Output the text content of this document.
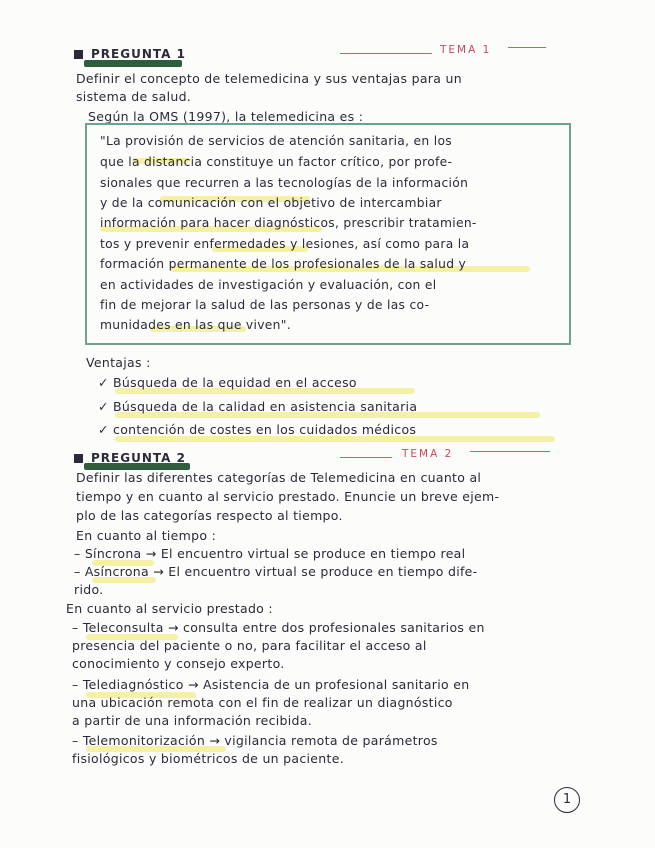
PREGUNTA 1	TEMA 1
Definir el concepto de telemedicina y sus ventajas para un
sistema de salud.
Según la OMS (1997), la telemedicina es :
"La provisión de servicios de atención sanitaria, en los
que la distancia constituye un factor crítico, por profe-
sionales que recurren a las tecnologías de la información
y de la comunicación con el objetivo de intercambiar
información para hacer diagnósticos, prescribir tratamien-
tos y prevenir enfermedades y lesiones, así como para la
formación permanente de los profesionales de la salud y
en actividades de investigación y evaluación, con el
fin de mejorar la salud de las personas y de las co-
munidades en las que viven".
Ventajas :
✓ Búsqueda de la equidad en el acceso
✓ Búsqueda de la calidad en asistencia sanitaria
✓ contención de costes en los cuidados médicos
PREGUNTA 2	TEMA 2
Definir las diferentes categorías de Telemedicina en cuanto al
tiempo y en cuanto al servicio prestado. Enuncie un breve ejem-
plo de las categorías respecto al tiempo.
En cuanto al tiempo :
– Síncrona → El encuentro virtual se produce en tiempo real
– Asíncrona → El encuentro virtual se produce en tiempo dife-
rido.
En cuanto al servicio prestado :
– Teleconsulta → consulta entre dos profesionales sanitarios en
presencia del paciente o no, para facilitar el acceso al
conocimiento y consejo experto.
– Telediagnóstico → Asistencia de un profesional sanitario en
una ubicación remota con el fin de realizar un diagnóstico
a partir de una información recibida.
– Telemonitorización → vigilancia remota de parámetros
fisiológicos y biométricos de un paciente.
1
